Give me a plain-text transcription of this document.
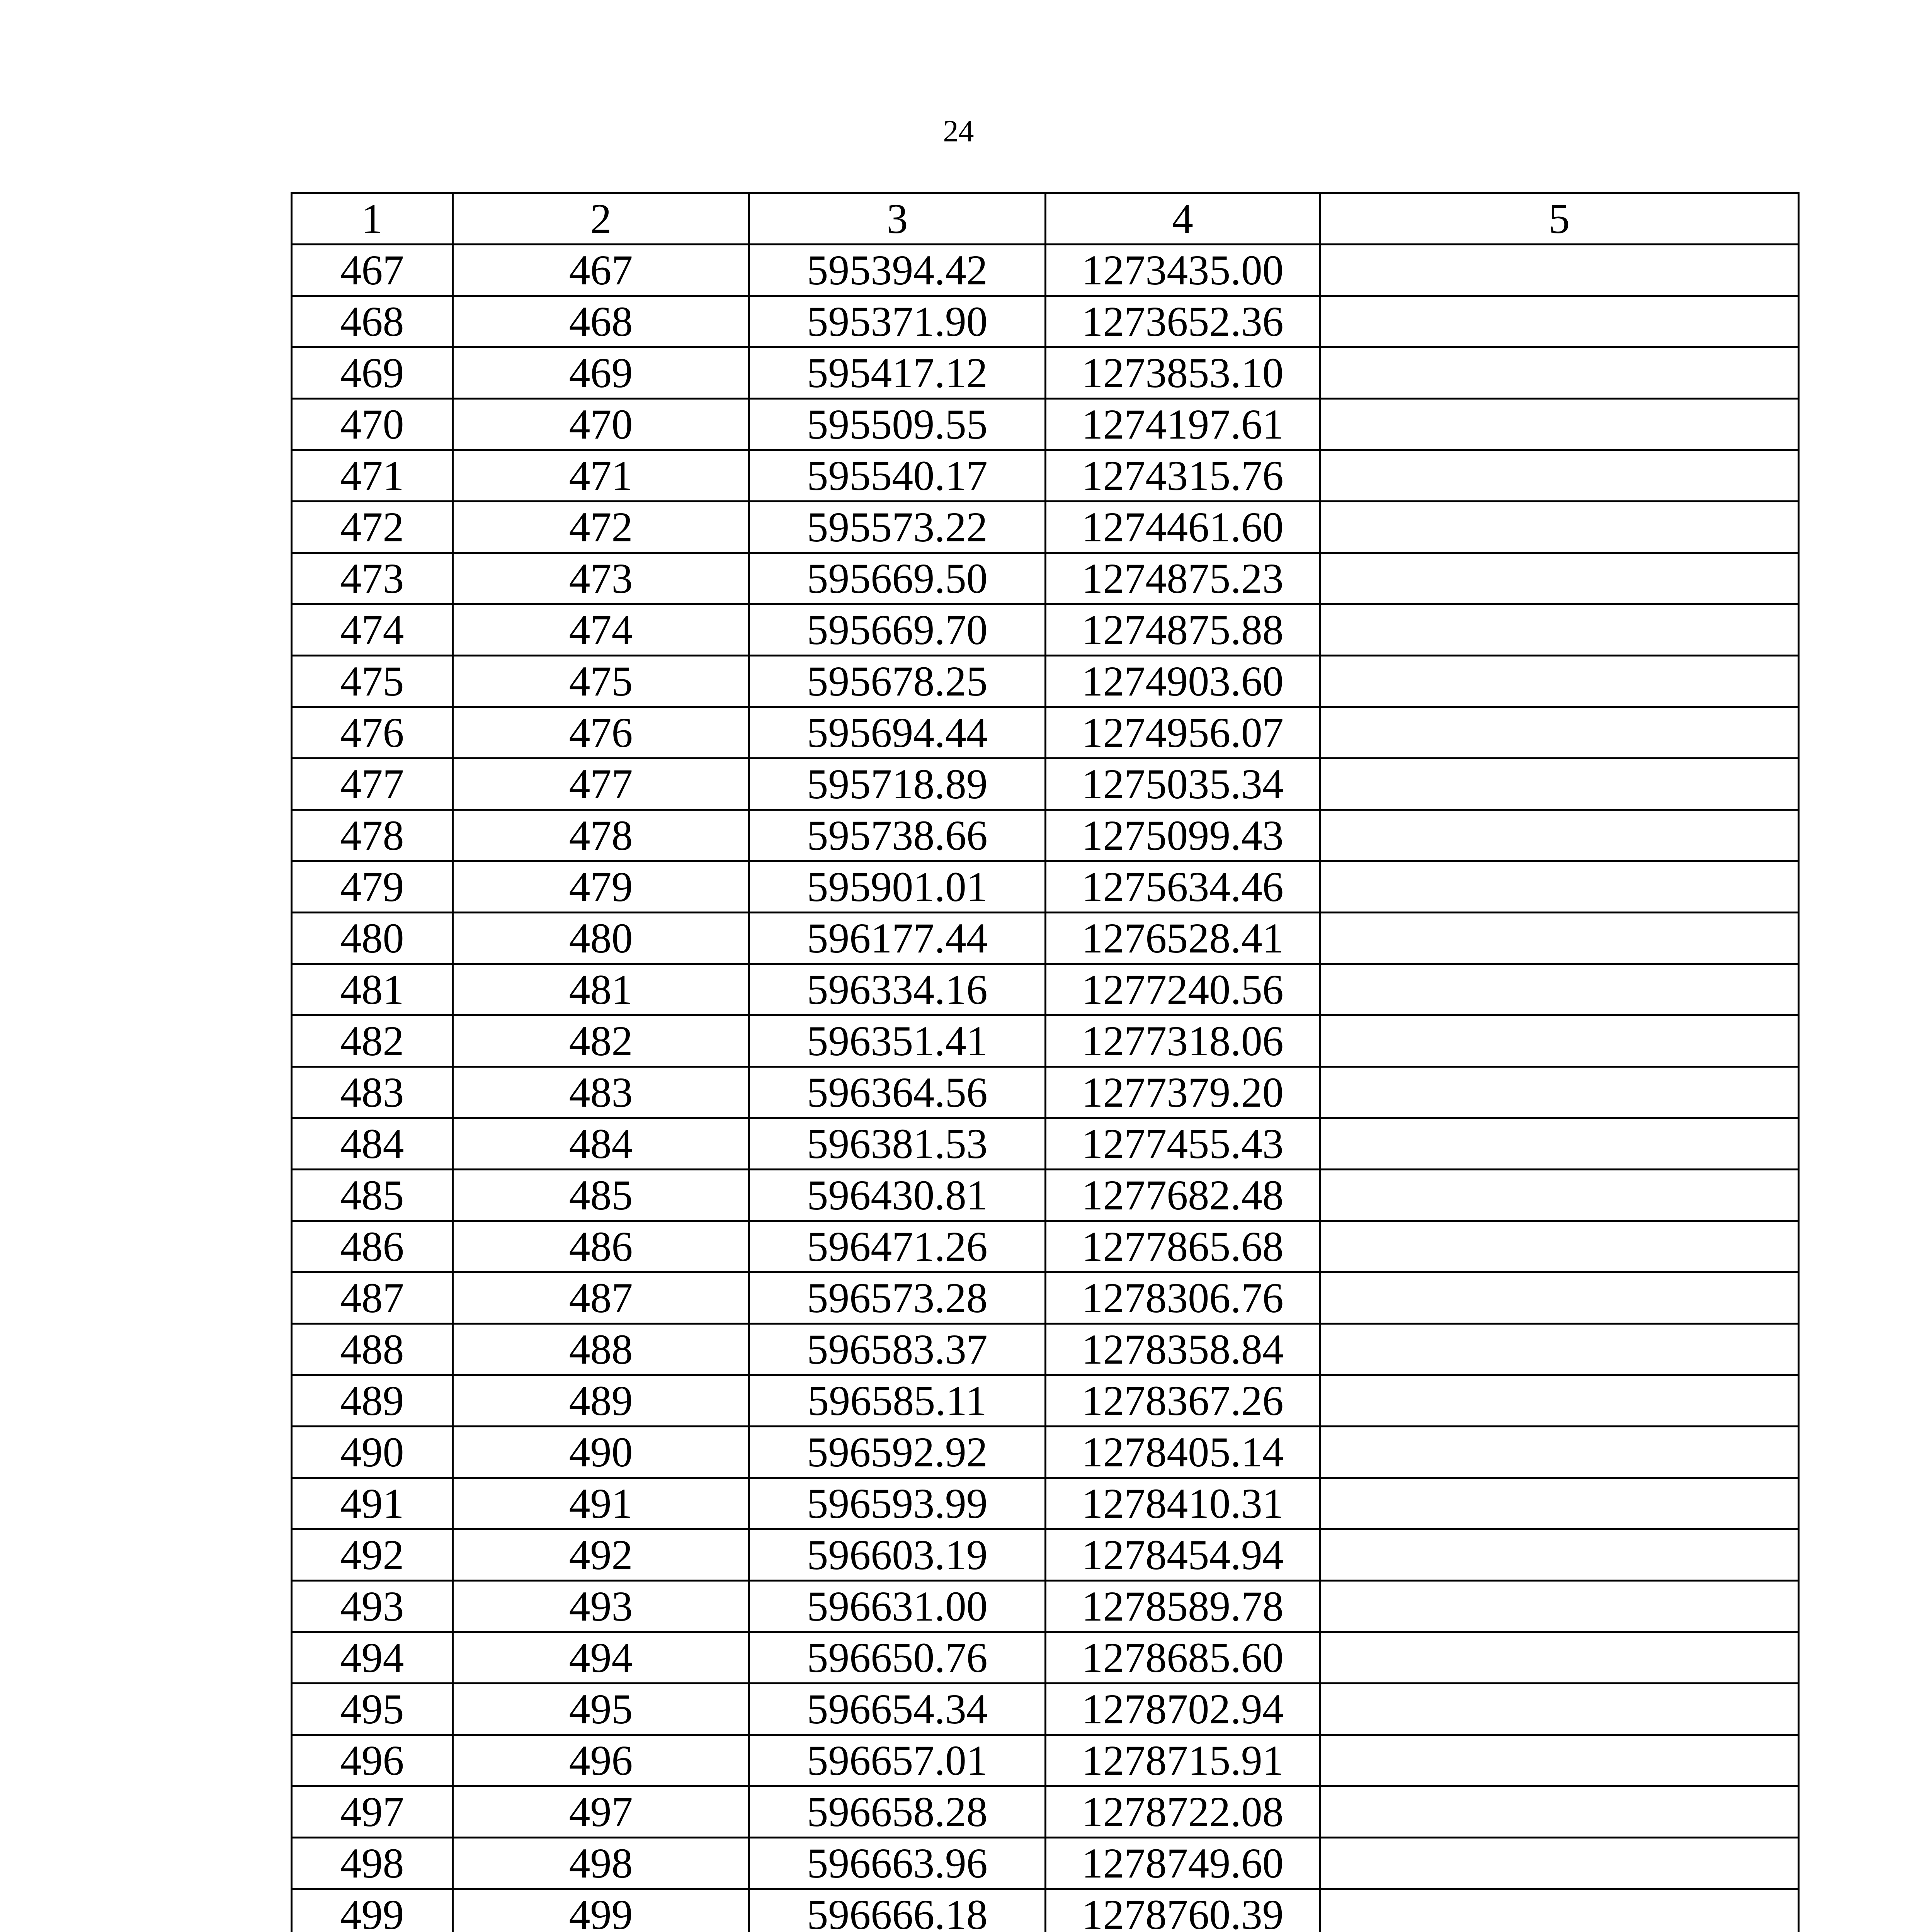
24
1	2	3	4	5
467	467	595394.42	1273435.00	
468	468	595371.90	1273652.36	
469	469	595417.12	1273853.10	
470	470	595509.55	1274197.61	
471	471	595540.17	1274315.76	
472	472	595573.22	1274461.60	
473	473	595669.50	1274875.23	
474	474	595669.70	1274875.88	
475	475	595678.25	1274903.60	
476	476	595694.44	1274956.07	
477	477	595718.89	1275035.34	
478	478	595738.66	1275099.43	
479	479	595901.01	1275634.46	
480	480	596177.44	1276528.41	
481	481	596334.16	1277240.56	
482	482	596351.41	1277318.06	
483	483	596364.56	1277379.20	
484	484	596381.53	1277455.43	
485	485	596430.81	1277682.48	
486	486	596471.26	1277865.68	
487	487	596573.28	1278306.76	
488	488	596583.37	1278358.84	
489	489	596585.11	1278367.26	
490	490	596592.92	1278405.14	
491	491	596593.99	1278410.31	
492	492	596603.19	1278454.94	
493	493	596631.00	1278589.78	
494	494	596650.76	1278685.60	
495	495	596654.34	1278702.94	
496	496	596657.01	1278715.91	
497	497	596658.28	1278722.08	
498	498	596663.96	1278749.60	
499	499	596666.18	1278760.39	
